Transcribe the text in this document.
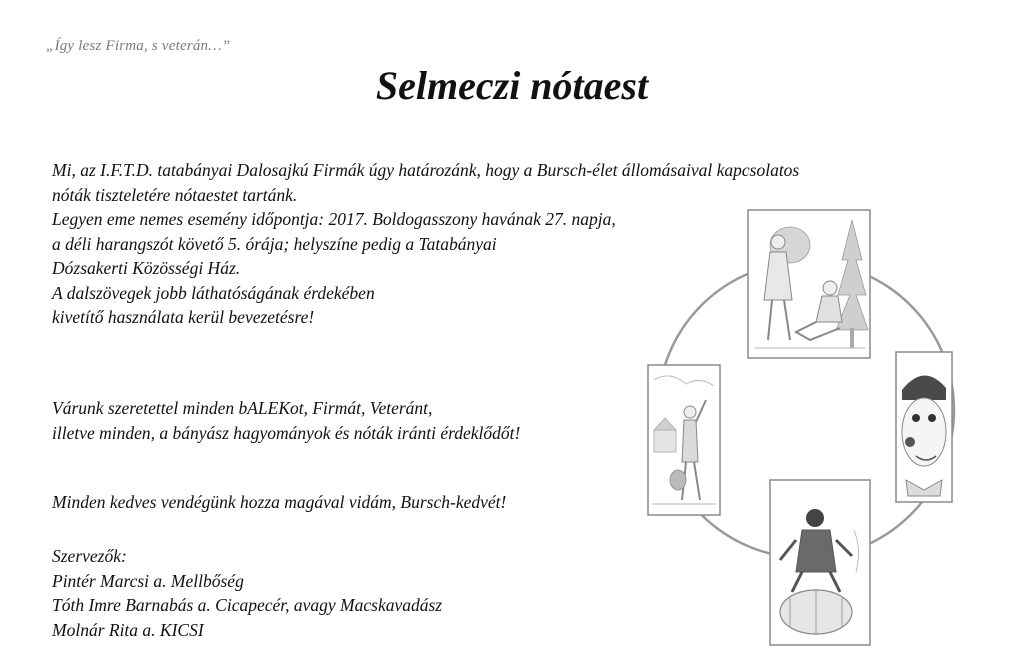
„Így lesz Firma, s veterán…”
Selmeczi nótaest
Mi, az I.F.T.D. tatabányai Dalosajkú Firmák úgy határozánk, hogy a Bursch-élet állomásaival kapcsolatos
nóták tiszteletére nótaestet tartánk.
Legyen eme nemes esemény időpontja: 2017. Boldogasszony havának 27. napja,
a déli harangszót követő 5. órája; helyszíne pedig a Tatabányai
Dózsakerti Közösségi Ház.
A dalszövegek jobb láthatóságának érdekében
kivetítő használata kerül bevezetésre!
Várunk szeretettel minden bALEKot, Firmát, Veteránt,
illetve minden, a bányász hagyományok és nóták iránti érdeklődőt!
Minden kedves vendégünk hozza magával vidám, Bursch-kedvét!
Szervezők:
Pintér Marcsi a. Mellbőség
Tóth Imre Barnabás a. Cicapecér, avagy Macskavadász
Molnár Rita a. KICSI
